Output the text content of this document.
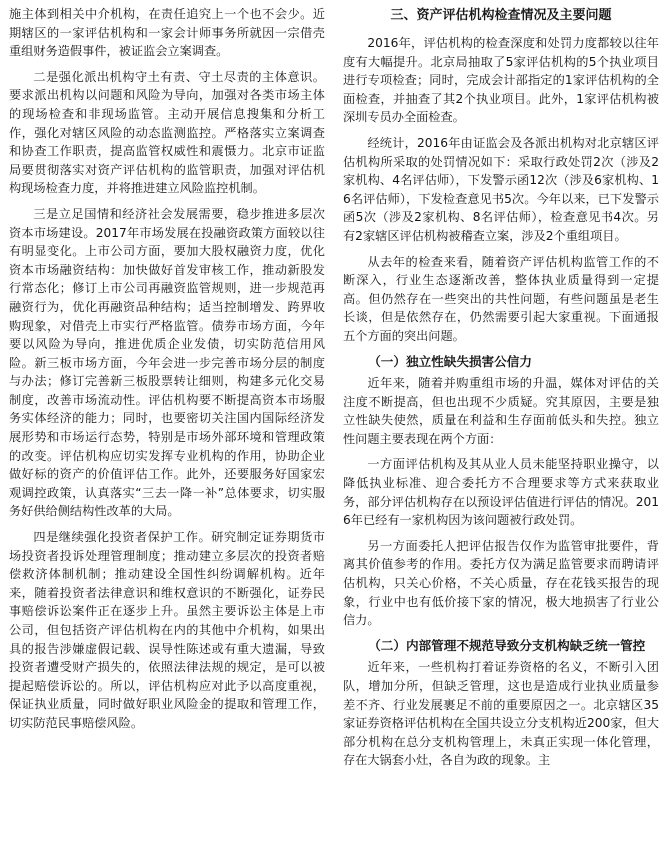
施主体到相关中介机构，在责任追究上一个也不会少。近期辖区的一家评估机构和一家会计师事务所就因一宗借壳重组财务造假事件，被证监会立案调查。

二是强化派出机构守土有责、守土尽责的主体意识。要求派出机构以问题和风险为导向，加强对各类市场主体的现场检查和非现场监管。主动开展信息搜集和分析工作，强化对辖区风险的动态监测监控。严格落实立案调查和协查工作职责，提高监管权威性和震慑力。北京市证监局要贯彻落实对资产评估机构的监管职责，加强对评估机构现场检查力度，并将推进建立风险监控机制。

三是立足国情和经济社会发展需要，稳步推进多层次资本市场建设。2017年市场发展在投融资政策方面较以往有明显变化。上市公司方面，要加大股权融资力度，优化资本市场融资结构：加快做好首发审核工作，推动新股发行常态化；修订上市公司再融资监管规则，进一步规范再融资行为，优化再融资品种结构；适当控制增发、跨界收购现象，对借壳上市实行严格监管。债券市场方面，今年要以风险为导向，推进优质企业发债，切实防范信用风险。新三板市场方面，今年会进一步完善市场分层的制度与办法；修订完善新三板股票转让细则，构建多元化交易制度，改善市场流动性。评估机构要不断提高资本市场服务实体经济的能力；同时，也要密切关注国内国际经济发展形势和市场运行态势，特别是市场外部环境和管理政策的改变。评估机构应切实发挥专业机构的作用，协助企业做好标的资产的价值评估工作。此外，还要服务好国家宏观调控政策，认真落实“三去一降一补”总体要求，切实服务好供给侧结构性改革的大局。

四是继续强化投资者保护工作。研究制定证券期货市场投资者投诉处理管理制度；推动建立多层次的投资者赔偿救济体制机制；推动建设全国性纠纷调解机构。近年来，随着投资者法律意识和维权意识的不断强化，证券民事赔偿诉讼案件正在逐步上升。虽然主要诉讼主体是上市公司，但包括资产评估机构在内的其他中介机构，如果出具的报告涉嫌虚假记载、误导性陈述或有重大遗漏，导致投资者遭受财产损失的，依照法律法规的规定，是可以被提起赔偿诉讼的。所以，评估机构应对此予以高度重视，保证执业质量，同时做好职业风险金的提取和管理工作，切实防范民事赔偿风险。

三、资产评估机构检查情况及主要问题

2016年，评估机构的检查深度和处罚力度都较以往年度有大幅提升。北京局抽取了5家评估机构的5个执业项目进行专项检查；同时，完成会计部指定的1家评估机构的全面检查，并抽查了其2个执业项目。此外，1家评估机构被深圳专员办全面检查。

经统计，2016年由证监会及各派出机构对北京辖区评估机构所采取的处罚情况如下：采取行政处罚2次（涉及2家机构、4名评估师），下发警示函12次（涉及6家机构、16名评估师），下发检查意见书5次。今年以来，已下发警示函5次（涉及2家机构、8名评估师），检查意见书4次。另有2家辖区评估机构被稽查立案，涉及2个重组项目。

从去年的检查来看，随着资产评估机构监管工作的不断深入，行业生态逐渐改善，整体执业质量得到一定提高。但仍然存在一些突出的共性问题，有些问题虽是老生长谈，但是依然存在，仍然需要引起大家重视。下面通报五个方面的突出问题。

（一）独立性缺失损害公信力

近年来，随着并购重组市场的升温，媒体对评估的关注度不断提高，但也出现不少质疑。究其原因，主要是独立性缺失使然，质量在利益和生存面前低头和失控。独立性问题主要表现在两个方面：

一方面评估机构及其从业人员未能坚持职业操守，以降低执业标准、迎合委托方不合理要求等方式来获取业务，部分评估机构存在以预设评估值进行评估的情况。2016年已经有一家机构因为该问题被行政处罚。

另一方面委托人把评估报告仅作为监管审批要件，背离其价值参考的作用。委托方仅为满足监管要求而聘请评估机构，只关心价格，不关心质量，存在花钱买报告的现象，行业中也有低价接下家的情况，极大地损害了行业公信力。

（二）内部管理不规范导致分支机构缺乏统一管控

近年来，一些机构打着证券资格的名义，不断引入团队，增加分所，但缺乏管理，这也是造成行业执业质量参差不齐、行业发展裹足不前的重要原因之一。北京辖区35家证券资格评估机构在全国共设立分支机构近200家，但大部分机构在总分支机构管理上，未真正实现一体化管理，存在大锅套小灶，各自为政的现象。主
